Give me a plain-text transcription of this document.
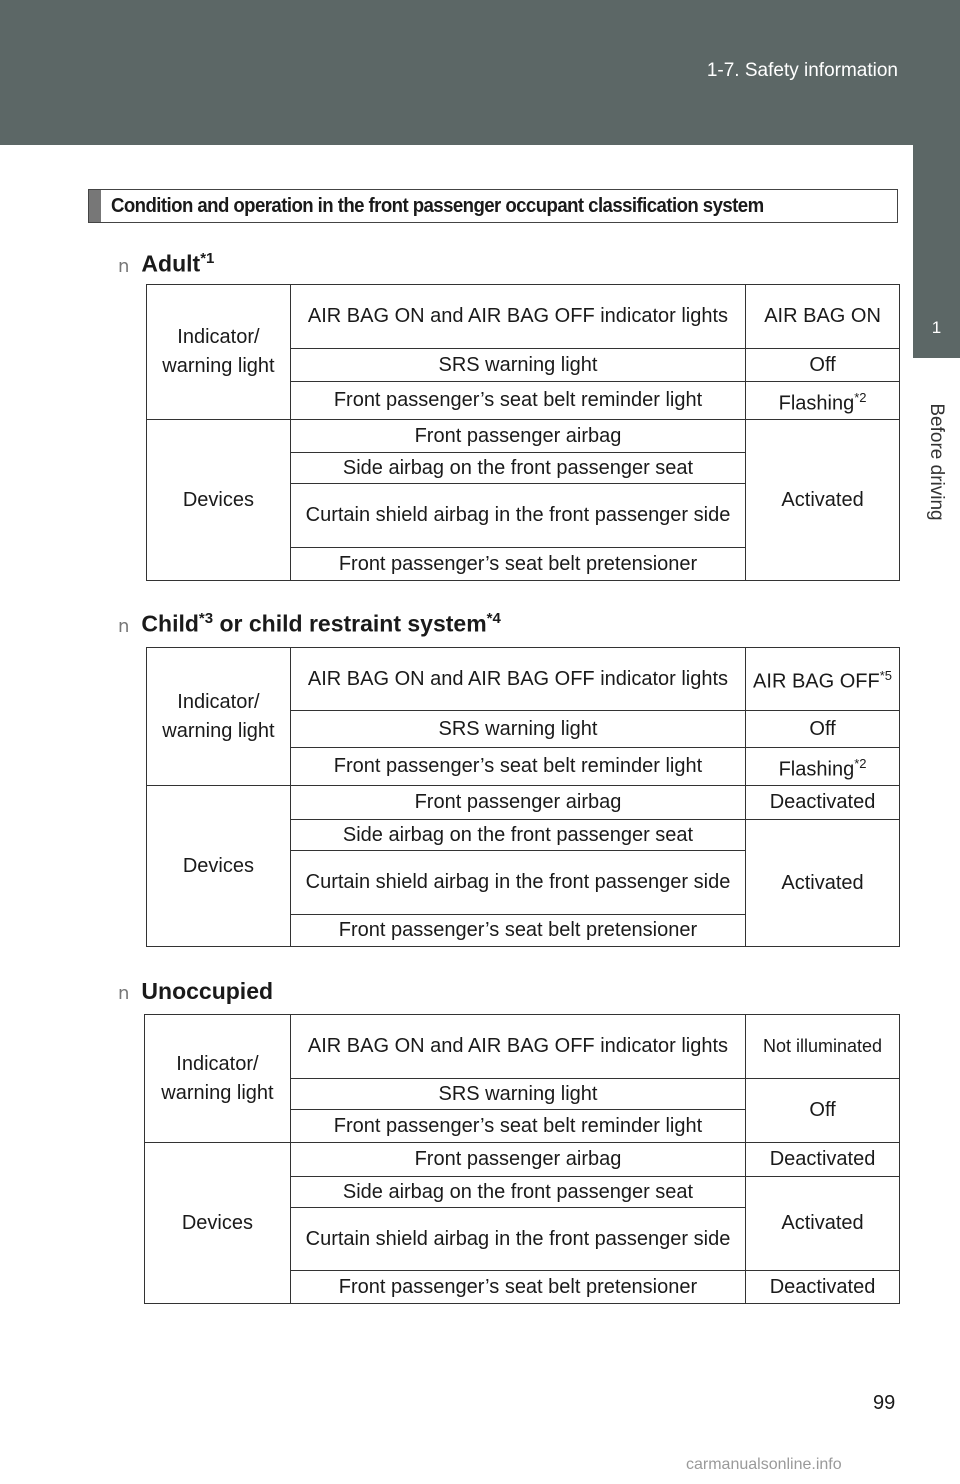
1-7. Safety information
1
Before driving
Condition and operation in the front passenger occupant classification system
n Adult$^{*1}$
Indicator/ warning light	AIR BAG ON and AIR BAG OFF indicator lights	AIR BAG ON
	SRS warning light	Off
	Front passenger’s seat belt reminder light	Flashing$^{*2}$
Devices	Front passenger airbag	Activated
	Side airbag on the front passenger seat	
	Curtain shield airbag in the front passenger side	
	Front passenger’s seat belt pretensioner	
n Child$^{*3}$ or child restraint system$^{*4}$
Indicator/ warning light	AIR BAG ON and AIR BAG OFF indicator lights	AIR BAG OFF$^{*5}$
	SRS warning light	Off
	Front passenger’s seat belt reminder light	Flashing$^{*2}$
Devices	Front passenger airbag	Deactivated
	Side airbag on the front passenger seat	Activated
	Curtain shield airbag in the front passenger side	
	Front passenger’s seat belt pretensioner	
n Unoccupied
Indicator/ warning light	AIR BAG ON and AIR BAG OFF indicator lights	Not illuminated
	SRS warning light	Off
	Front passenger’s seat belt reminder light	
Devices	Front passenger airbag	Deactivated
	Side airbag on the front passenger seat	Activated
	Curtain shield airbag in the front passenger side	
	Front passenger’s seat belt pretensioner	Deactivated
99
carmanualsonline.info
